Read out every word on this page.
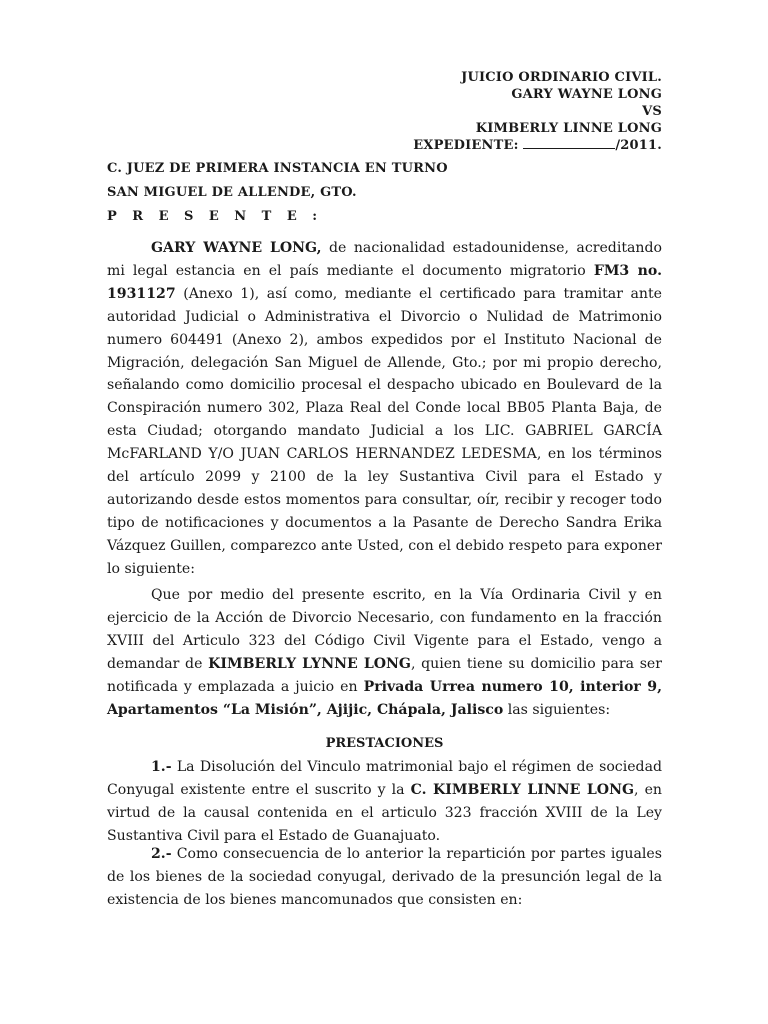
JUICIO ORDINARIO CIVIL.
GARY WAYNE LONG
VS
KIMBERLY LINNE LONG
EXPEDIENTE:	/2011.
C. JUEZ DE PRIMERA INSTANCIA EN TURNO
SAN MIGUEL DE ALLENDE, GTO.
PRESENTE:
GARY WAYNE LONG, de nacionalidad estadounidense, acreditando mi legal estancia en el país mediante el documento migratorio FM3 no. 1931127 (Anexo 1), así como, mediante el certificado para tramitar ante autoridad Judicial o Administrativa el Divorcio o Nulidad de Matrimonio numero 604491 (Anexo 2), ambos expedidos por el Instituto Nacional de Migración, delegación San Miguel de Allende, Gto.; por mi propio derecho, señalando como domicilio procesal el despacho ubicado en Boulevard de la Conspiración numero 302, Plaza Real del Conde local BB05 Planta Baja, de esta Ciudad; otorgando mandato Judicial a los LIC. GABRIEL GARCÍA McFARLAND Y/O JUAN CARLOS HERNANDEZ LEDESMA, en los términos del artículo 2099 y 2100 de la ley Sustantiva Civil para el Estado y autorizando desde estos momentos para consultar, oír, recibir y recoger todo tipo de notificaciones y documentos a la Pasante de Derecho Sandra Erika Vázquez Guillen, comparezco ante Usted, con el debido respeto para exponer lo siguiente:
Que por medio del presente escrito, en la Vía Ordinaria Civil y en ejercicio de la Acción de Divorcio Necesario, con fundamento en la fracción XVIII del Articulo 323 del Código Civil Vigente para el Estado, vengo a demandar de KIMBERLY LYNNE LONG, quien tiene su domicilio para ser notificada y emplazada a juicio en Privada Urrea numero 10, interior 9, Apartamentos “La Misión”, Ajijic, Chápala, Jalisco las siguientes:
PRESTACIONES
1.- La Disolución del Vinculo matrimonial bajo el régimen de sociedad Conyugal existente entre el suscrito y la C. KIMBERLY LINNE LONG, en virtud de la causal contenida en el articulo 323 fracción XVIII de la Ley Sustantiva Civil para el Estado de Guanajuato.
2.- Como consecuencia de lo anterior la repartición por partes iguales de los bienes de la sociedad conyugal, derivado de la presunción legal de la existencia de los bienes mancomunados que consisten en:
